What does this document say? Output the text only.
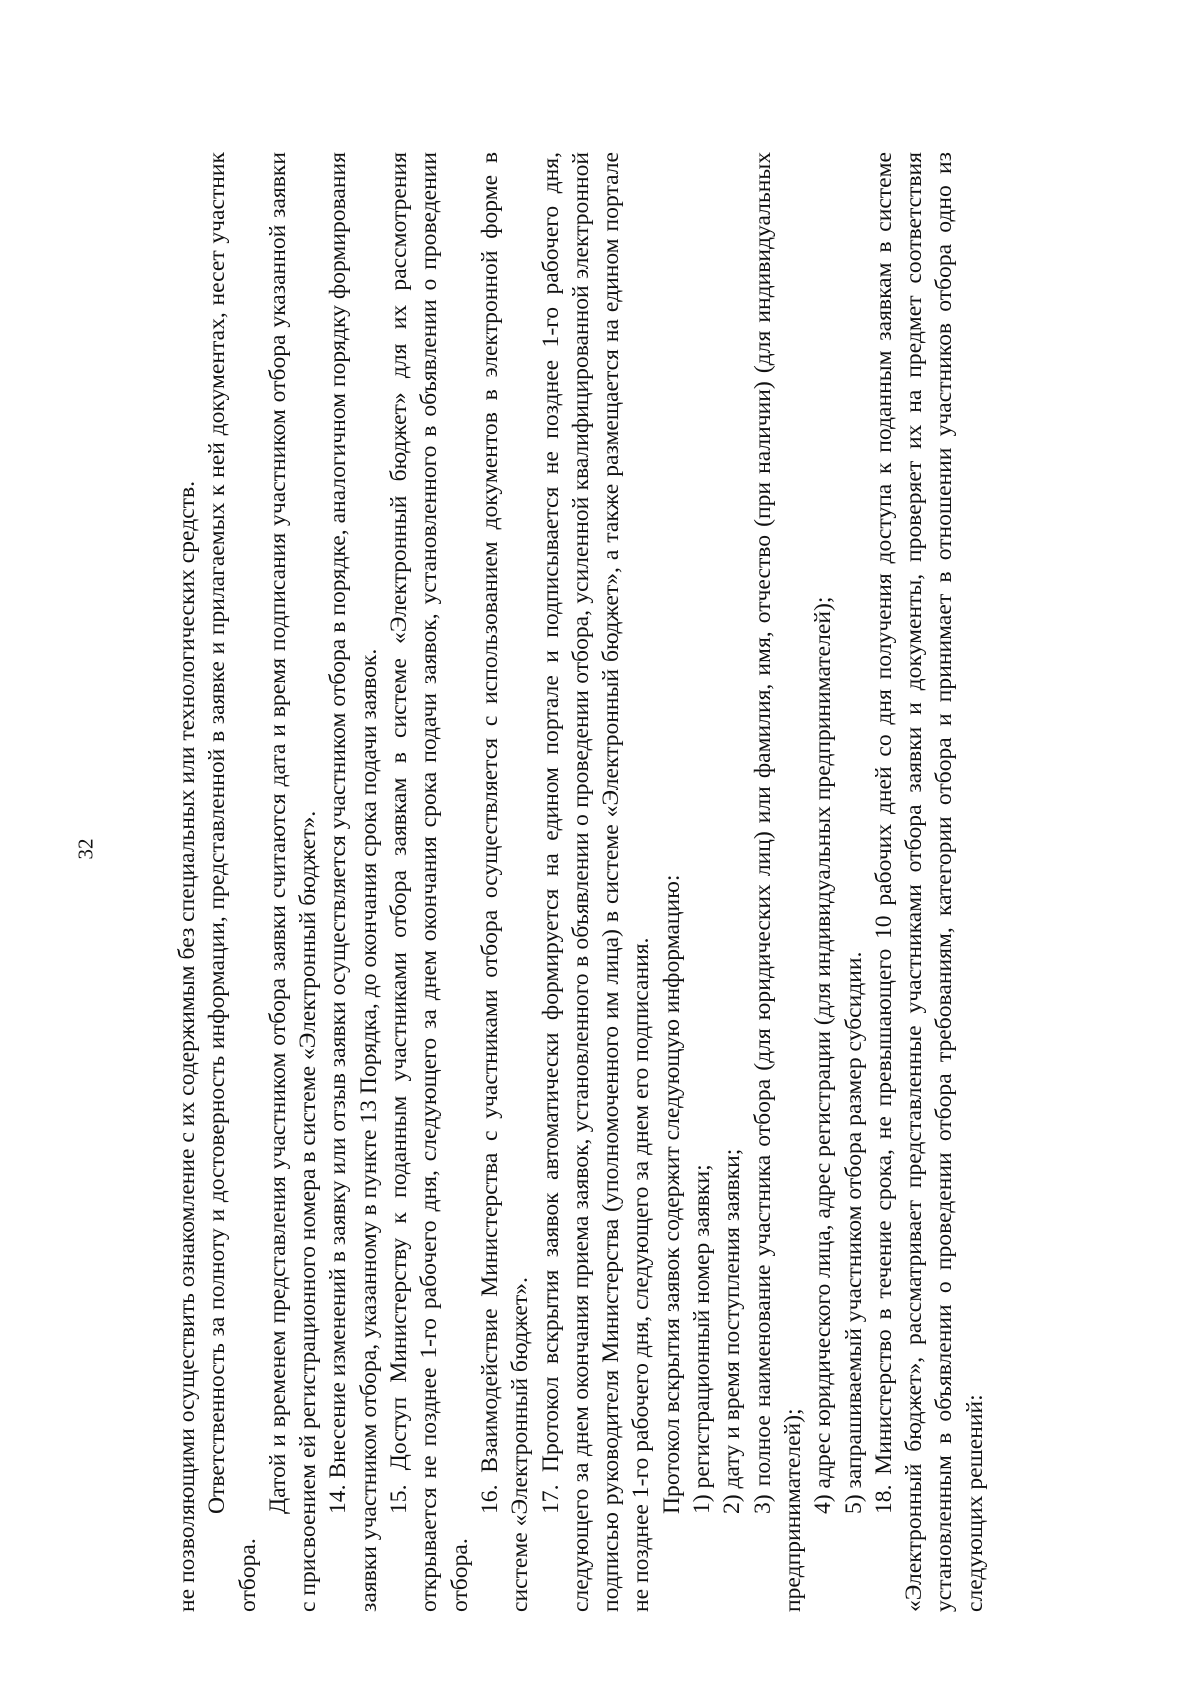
32	не позволяющими осуществить ознакомление с их содержимым без специальных или технологических средств. Ответственность за полноту и достоверность информации, представленной в заявке и прилагаемых к ней документах, несет участник отбора.

Датой и временем представления участником отбора заявки считаются дата и время подписания участником отбора указанной заявки с присвоением ей регистрационного номера в системе «Электронный бюджет». 14. Внесение изменений в заявку или отзыв заявки осуществляется участником отбора в порядке, аналогичном порядку формирования заявки участником отбора, указанному в пункте 13 Порядка, до окончания срока подачи заявок. 15. Доступ Министерству к поданным участниками отбора заявкам в системе «Электронный бюджет» для их рассмотрения открывается не позднее 1-го рабочего дня, следующего за днем окончания срока подачи заявок, установленного в объявлении о проведении отбора.

16. Взаимодействие Министерства с участниками отбора осуществляется с использованием документов в электронной форме в системе «Электронный бюджет». 17. Протокол вскрытия заявок автоматически формируется на едином портале и подписывается не позднее 1-го рабочего дня, следующего за днем окончания приема заявок, установленного в объявлении о проведении отбора, усиленной квалифицированной электронной подписью руководителя Министерства (уполномоченного им лица) в системе «Электронный бюджет», а также размещается на едином портале не позднее 1-го рабочего дня, следующего за днем его подписания. Протокол вскрытия заявок содержит следующую информацию: 1) регистрационный номер заявки; 2) дату и время поступления заявки; 3) полное наименование участника отбора (для юридических лиц) или фамилия, имя, отчество (при наличии) (для индивидуальных предпринимателей); 4) адрес юридического лица, адрес регистрации (для индивидуальных предпринимателей); 5) запрашиваемый участником отбора размер субсидии. 18. Министерство в течение срока, не превышающего 10 рабочих дней со дня получения доступа к поданным заявкам в системе «Электронный бюджет», рассматривает представленные участниками отбора заявки и документы, проверяет их на предмет соответствия установленным в объявлении о проведении отбора требованиям, категории отбора и принимает в отношении участников отбора одно из следующих решений:
